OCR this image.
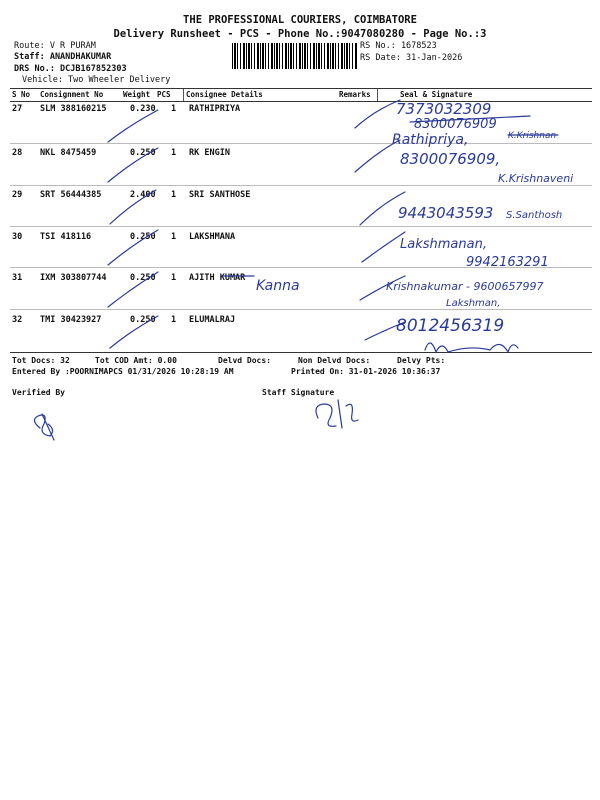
THE PROFESSIONAL COURIERS, COIMBATORE
Delivery Runsheet - PCS - Phone No.:9047080280 - Page No.:3
Route: V R PURAM
Staff: ANANDHAKUMAR
DRS No.: DCJB167852303
Vehicle: Two Wheeler Delivery
RS No.: 1678523
RS Date: 31-Jan-2026
S No Consignment No	Weight PCS Consignee Details	Remarks	Seal & Signature
27 SLM 388160215	0.230 1 RATHIPRIYA
28 NKL 8475459	0.250 1 RK ENGIN
29 SRT 56444385	2.400 1 SRI SANTHOSE
30 TSI 418116	0.250 1 LAKSHMANA
31 IXM 303807744	0.250 1 AJITH KUMAR
32 TMI 30423927	0.250 1 ELUMALRAJ
7373032309
8300076909
Rathipriya,	K.Krishnan
8300076909,
K.Krishnaveni
9443043593 S.Santhosh
Lakshmanan,
9942163291
Kanna	Krishnakumar - 9600657997
Lakshman,
8012456319
Tot Docs: 32	Tot COD Amt: 0.00	Delvd Docs:	Non Delvd Docs:	Delvy Pts:
Entered By :POORNIMAPCS 01/31/2026 10:28:19 AM	Printed On: 31-01-2026 10:36:37
Verified By	Staff Signature
